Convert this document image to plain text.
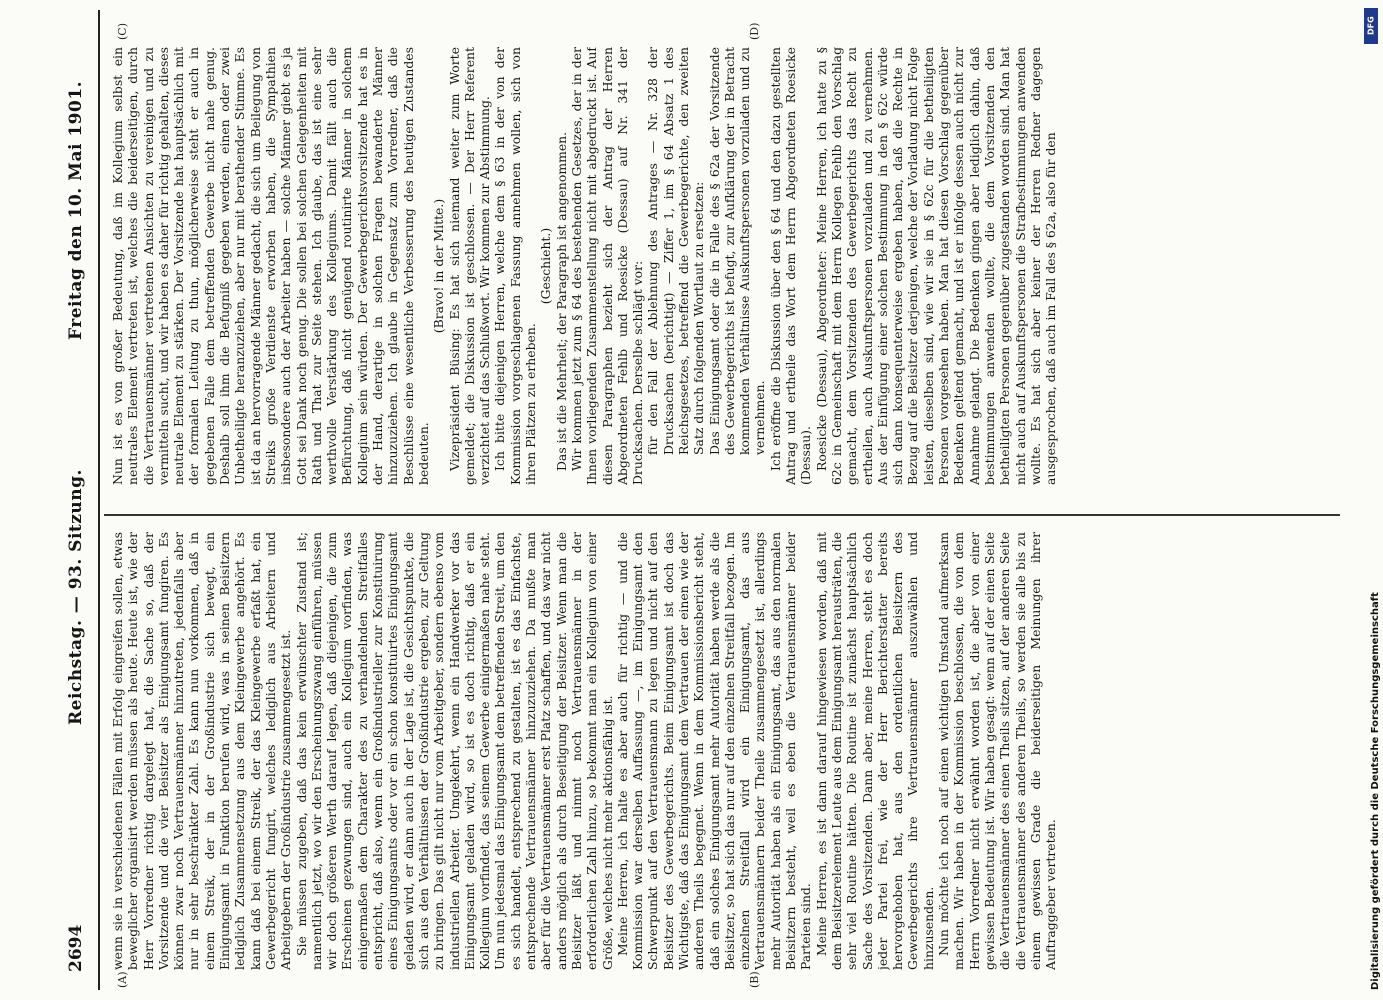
2694
Reichstag. — 93. Sitzung.
Freitag den 10. Mai 1901.
(A)	(B)
(C)	(D)

wenn sie in verschiedenen Fällen mit Erfolg eingreifen sollen, etwas beweglicher organisirt werden müssen als heute. Heute ist, wie der Herr Vorredner richtig dargelegt hat, die Sache so, daß der Vorsitzende und die vier Beisitzer als Einigungsamt fungiren. Es können zwar noch Vertrauensmänner hinzutreten, jedenfalls aber nur in sehr beschränkter Zahl. Es kann nun vorkommen, daß in einem Streik, der in der Großindustrie sich bewegt, ein Einigungsamt in Funktion berufen wird, was in seinen Beisitzern lediglich Zusammensetzung aus dem Kleingewerbe angehört. Es kann daß bei einem Streik, der das Kleingewerbe erfaßt hat, ein Gewerbegericht fungirt, welches lediglich aus Arbeitern und Arbeitgebern der Großindustrie zusammengesetzt ist. Sie müssen zugeben, daß das kein erwünschter Zustand ist; namentlich jetzt, wo wir den Erscheinungszwang einführen, müssen wir doch größeren Werth darauf legen, daß diejenigen, die zum Erscheinen gezwungen sind, auch ein Kollegium vorfinden, was einigermaßen dem Charakter des zu verhandelnden Streitfalles entspricht, daß also, wenn ein Großindustrieller zur Konstituirung eines Einigungsamts oder vor ein schon konstituirtes Einigungsamt geladen wird, er dann auch in der Lage ist, die Gesichtspunkte, die sich aus den Verhältnissen der Großindustrie ergeben, zur Geltung zu bringen. Das gilt nicht nur vom Arbeitgeber, sondern ebenso vom industriellen Arbeiter. Umgekehrt, wenn ein Handwerker vor das Einigungsamt geladen wird, so ist es doch richtig, daß er ein Kollegium vorfindet, das seinem Gewerbe einigermaßen nahe steht. Um nun jedesmal das Einigungsamt dem betreffenden Streit, um den es sich handelt, entsprechend zu gestalten, ist es das Einfachste, entsprechende Vertrauensmänner hinzuzuziehen. Da mußte man aber für die Vertrauensmänner erst Platz schaffen, und das war nicht anders möglich als durch Beseitigung der Beisitzer. Wenn man die Beisitzer läßt und nimmt noch Vertrauensmänner in der erforderlichen Zahl hinzu, so bekommt man ein Kollegium von einer Größe, welches nicht mehr aktionsfähig ist. Meine Herren, ich halte es aber auch für richtig — und die Kommission war derselben Auffassung —, im Einigungsamt den Schwerpunkt auf den Vertrauensmann zu legen und nicht auf den Beisitzer des Gewerbegerichts. Beim Einigungsamt ist doch das Wichtigste, daß das Einigungsamt dem Vertrauen der einen wie der anderen Theils begegnet. Wenn in dem Kommissionsbericht steht, daß ein solches Einigungsamt mehr Autorität haben werde als die Beisitzer, so hat sich das nur auf den einzelnen Streitfall bezogen. Im einzelnen Streitfall wird ein Einigungsamt, das aus Vertrauensmännern beider Theile zusammengesetzt ist, allerdings mehr Autorität haben als ein Einigungsamt, das aus den normalen Beisitzern besteht, weil es eben die Vertrauensmänner beider Parteien sind. Meine Herren, es ist dann darauf hingewiesen worden, daß mit dem Beisitzerelement Leute aus dem Einigungsamt herausträten, die sehr viel Routine hätten. Die Routine ist zunächst hauptsächlich Sache des Vorsitzenden. Dann aber, meine Herren, steht es doch jeder Partei frei, wie der Herr Berichterstatter bereits hervorgehoben hat, aus den ordentlichen Beisitzern des Gewerbegerichts ihre Vertrauensmänner auszuwählen und hinzusenden. Nun möchte ich noch auf einen wichtigen Umstand aufmerksam machen. Wir haben in der Kommission beschlossen, die von dem Herrn Vorredner nicht erwähnt worden ist, die aber von einer gewissen Bedeutung ist. Wir haben gesagt: wenn auf der einen Seite die Vertrauensmänner des einen Theils sitzen, auf der anderen Seite die Vertrauensmänner des anderen Theils, so werden sie alle bis zu einem gewissen Grade die beiderseitigen Meinungen ihrer Auftraggeber vertreten.

Nun ist es von großer Bedeutung, daß im Kollegium selbst ein neutrales Element vertreten ist, welches die beiderseitigen, durch die Vertrauensmänner vertretenen Ansichten zu vereinigen und zu vermitteln sucht, und wir haben es daher für richtig gehalten, dieses neutrale Element zu stärken. Der Vorsitzende hat hauptsächlich mit der formalen Leitung zu thun, möglicherweise steht er auch in gegebenen Falle dem betreffenden Gewerbe nicht nahe genug. Deshalb soll ihm die Befugniß gegeben werden, einen oder zwei Unbetheiligte heranzuziehen, aber nur mit berathender Stimme. Es ist da an hervorragende Männer gedacht, die sich um Beilegung von Streiks große Verdienste erworben haben, die Sympathien insbesondere auch der Arbeiter haben — solche Männer giebt es ja Gott sei Dank noch genug. Die sollen bei solchen Gelegenheiten mit Rath und That zur Seite stehen. Ich glaube, das ist eine sehr werthvolle Verstärkung des Kollegiums. Damit fällt auch die Befürchtung, daß nicht genügend routinirte Männer in solchem Kollegium sein würden. Der Gewerbegerichtsvorsitzende hat es in der Hand, derartige in solchen Fragen bewanderte Männer hinzuzuziehen. Ich glaube in Gegensatz zum Vorredner, daß die Beschlüsse eine wesentliche Verbesserung des heutigen Zustandes bedeuten.

(Bravo! in der Mitte.) Vizepräsident Büsing: Es hat sich niemand weiter zum Worte gemeldet; die Diskussion ist geschlossen. — Der Herr Referent verzichtet auf das Schlußwort. Wir kommen zur Abstimmung. Ich bitte diejenigen Herren, welche dem § 63 in der von der Kommission vorgeschlagenen Fassung annehmen wollen, sich von ihren Plätzen zu erheben.

(Geschieht.) Das ist die Mehrheit; der Paragraph ist angenommen. Wir kommen jetzt zum § 64 des bestehenden Gesetzes, der in der Ihnen vorliegenden Zusammenstellung nicht mit abgedruckt ist. Auf diesen Paragraphen bezieht sich der Antrag der Herren Abgeordneten Fehlb und Roesicke (Dessau) auf Nr. 341 der Drucksachen. Derselbe schlägt vor: für den Fall der Ablehnung des Antrages — Nr. 328 der Drucksachen (berichtigt) — Ziffer 1, im § 64 Absatz 1 des Reichsgesetzes, betreffend die Gewerbegerichte, den zweiten Satz durch folgenden Wortlaut zu ersetzen: Das Einigungsamt oder die in Falle des § 62a der Vorsitzende des Gewerbegerichts ist befugt, zur Aufklärung der in Betracht kommenden Verhältnisse Auskunftspersonen vorzuladen und zu vernehmen. Ich eröffne die Diskussion über den § 64 und den dazu gestellten Antrag und ertheile das Wort dem Herrn Abgeordneten Roesicke (Dessau). Roesicke (Dessau), Abgeordneter: Meine Herren, ich hatte zu § 62c in Gemeinschaft mit dem Herrn Kollegen Fehlb den Vorschlag gemacht, dem Vorsitzenden des Gewerbegerichts das Recht zu ertheilen, auch Auskunftspersonen vorzuladen und zu vernehmen. Aus der Einfügung einer solchen Bestimmung in den § 62c würde sich dann konsequenterweise ergeben haben, daß die Rechte in Bezug auf die Beisitzer derjenigen, welche der Vorladung nicht Folge leisten, dieselben sind, wie wir sie in § 62c für die betheiligten Personen vorgesehen haben. Man hat diesen Vorschlag gegenüber Bedenken geltend gemacht, und ist er infolge dessen auch nicht zur Annahme gelangt. Die Bedenken gingen aber lediglich dahin, daß bestimmungen anwenden wollte, die dem Vorsitzenden den betheiligten Personen gegenüber zugestanden worden sind. Man hat nicht auch auf Auskunftspersonen die Strafbestimmungen anwenden wollte. Es hat sich aber keiner der Herren Redner dagegen ausgesprochen, daß auch im Fall des § 62a, also für den

DFG
Digitalisierung gefördert durch die Deutsche Forschungsgemeinschaft
